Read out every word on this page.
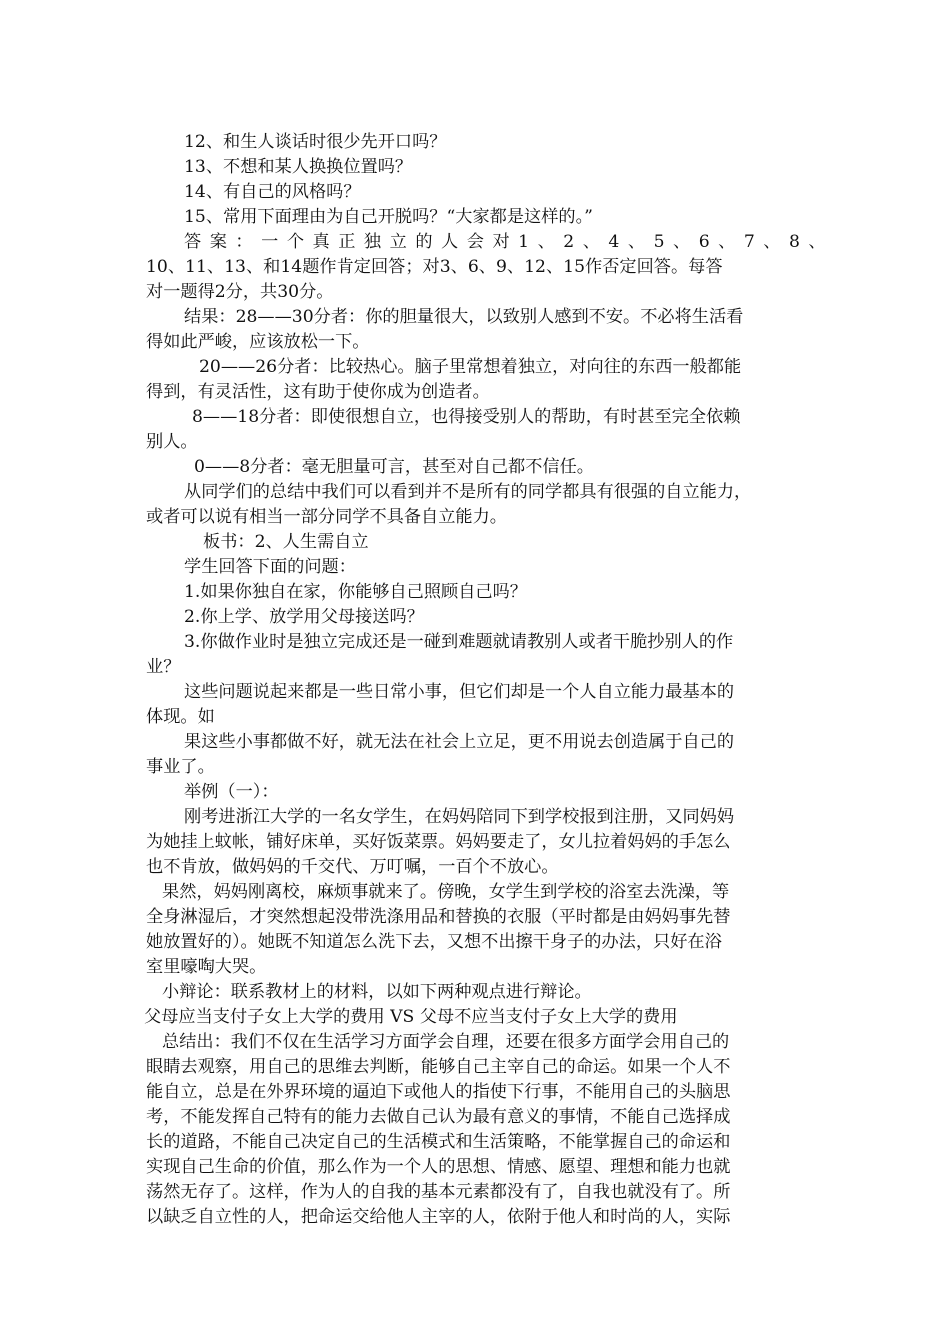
12、和生人谈话时很少先开口吗？
13、不想和某人换换位置吗？
14、有自己的风格吗？
15、常用下面理由为自己开脱吗？“大家都是这样的。”
答 案 ： 一 个 真 正 独 立 的 人 会 对 1 、 2 、 4 、 5 、 6 、 7 、 8 、
10、11、13、和14题作肯定回答；对3、6、9、12、15作否定回答。每答
对一题得2分，共30分。
结果：28——30分者：你的胆量很大，以致别人感到不安。不必将生活看
得如此严峻，应该放松一下。
20——26分者：比较热心。脑子里常想着独立，对向往的东西一般都能
得到，有灵活性，这有助于使你成为创造者。
8——18分者：即使很想自立，也得接受别人的帮助，有时甚至完全依赖
别人。
0——8分者：毫无胆量可言，甚至对自己都不信任。
从同学们的总结中我们可以看到并不是所有的同学都具有很强的自立能力，
或者可以说有相当一部分同学不具备自立能力。
板书：2、人生需自立
学生回答下面的问题：
1.如果你独自在家，你能够自己照顾自己吗？
2.你上学、放学用父母接送吗？
3.你做作业时是独立完成还是一碰到难题就请教别人或者干脆抄别人的作
业？
这些问题说起来都是一些日常小事，但它们却是一个人自立能力最基本的
体现。如
果这些小事都做不好，就无法在社会上立足，更不用说去创造属于自己的
事业了。
举例（一）：
刚考进浙江大学的一名女学生，在妈妈陪同下到学校报到注册，又同妈妈
为她挂上蚊帐，铺好床单，买好饭菜票。妈妈要走了，女儿拉着妈妈的手怎么
也不肯放，做妈妈的千交代、万叮嘱，一百个不放心。
果然，妈妈刚离校，麻烦事就来了。傍晚，女学生到学校的浴室去洗澡，等
全身淋湿后，才突然想起没带洗涤用品和替换的衣服（平时都是由妈妈事先替
她放置好的）。她既不知道怎么洗下去，又想不出擦干身子的办法，只好在浴
室里嚎啕大哭。
小辩论：联系教材上的材料，以如下两种观点进行辩论。
父母应当支付子女上大学的费用 VS 父母不应当支付子女上大学的费用
总结出：我们不仅在生活学习方面学会自理，还要在很多方面学会用自己的
眼睛去观察，用自己的思维去判断，能够自己主宰自己的命运。如果一个人不
能自立，总是在外界环境的逼迫下或他人的指使下行事，不能用自己的头脑思
考，不能发挥自己特有的能力去做自己认为最有意义的事情，不能自己选择成
长的道路，不能自己决定自己的生活模式和生活策略，不能掌握自己的命运和
实现自己生命的价值，那么作为一个人的思想、情感、愿望、理想和能力也就
荡然无存了。这样，作为人的自我的基本元素都没有了，自我也就没有了。所
以缺乏自立性的人，把命运交给他人主宰的人，依附于他人和时尚的人，实际
